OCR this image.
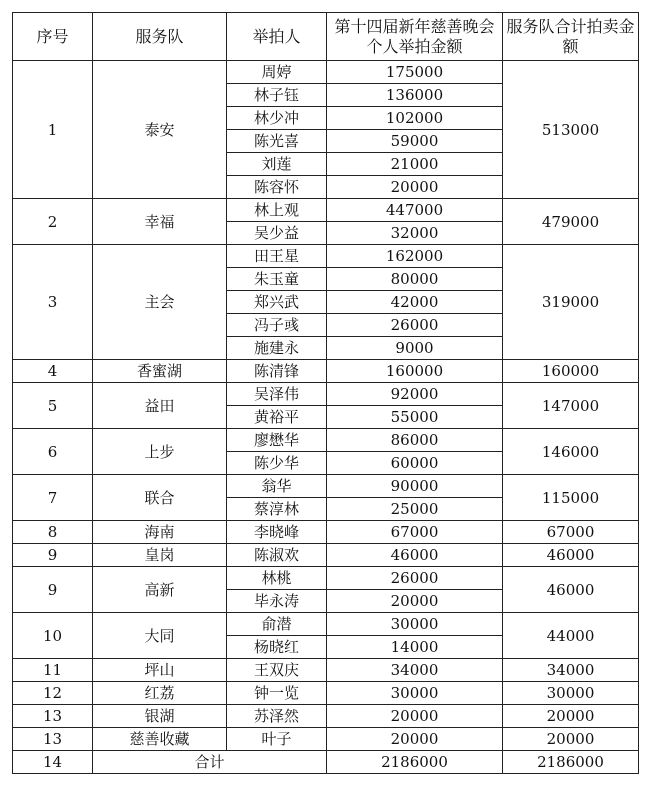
序号	服务队	举拍人	第十四届新年慈善晚会个人举拍金额	服务队合计拍卖金额
1	泰安	周婷	175000	513000
		林子钰	136000	
		林少冲	102000	
		陈光喜	59000	
		刘莲	21000	
		陈容怀	20000	
2	幸福	林上观	447000	479000
		吴少益	32000	
3	主会	田王星	162000	319000
		朱玉童	80000	
		郑兴武	42000	
		冯子彧	26000	
		施建永	9000	
4	香蜜湖	陈清锋	160000	160000
5	益田	吴泽伟	92000	147000
		黄裕平	55000	
6	上步	廖懋华	86000	146000
		陈少华	60000	
7	联合	翁华	90000	115000
		蔡淳林	25000	
8	海南	李晓峰	67000	67000
9	皇岗	陈淑欢	46000	46000
9	高新	林桃	26000	46000
		毕永涛	20000	
10	大同	俞潜	30000	44000
		杨晓红	14000	
11	坪山	王双庆	34000	34000
12	红荔	钟一览	30000	30000
13	银湖	苏泽然	20000	20000
13	慈善收藏	叶子	20000	20000
14	合计		2186000	2186000
